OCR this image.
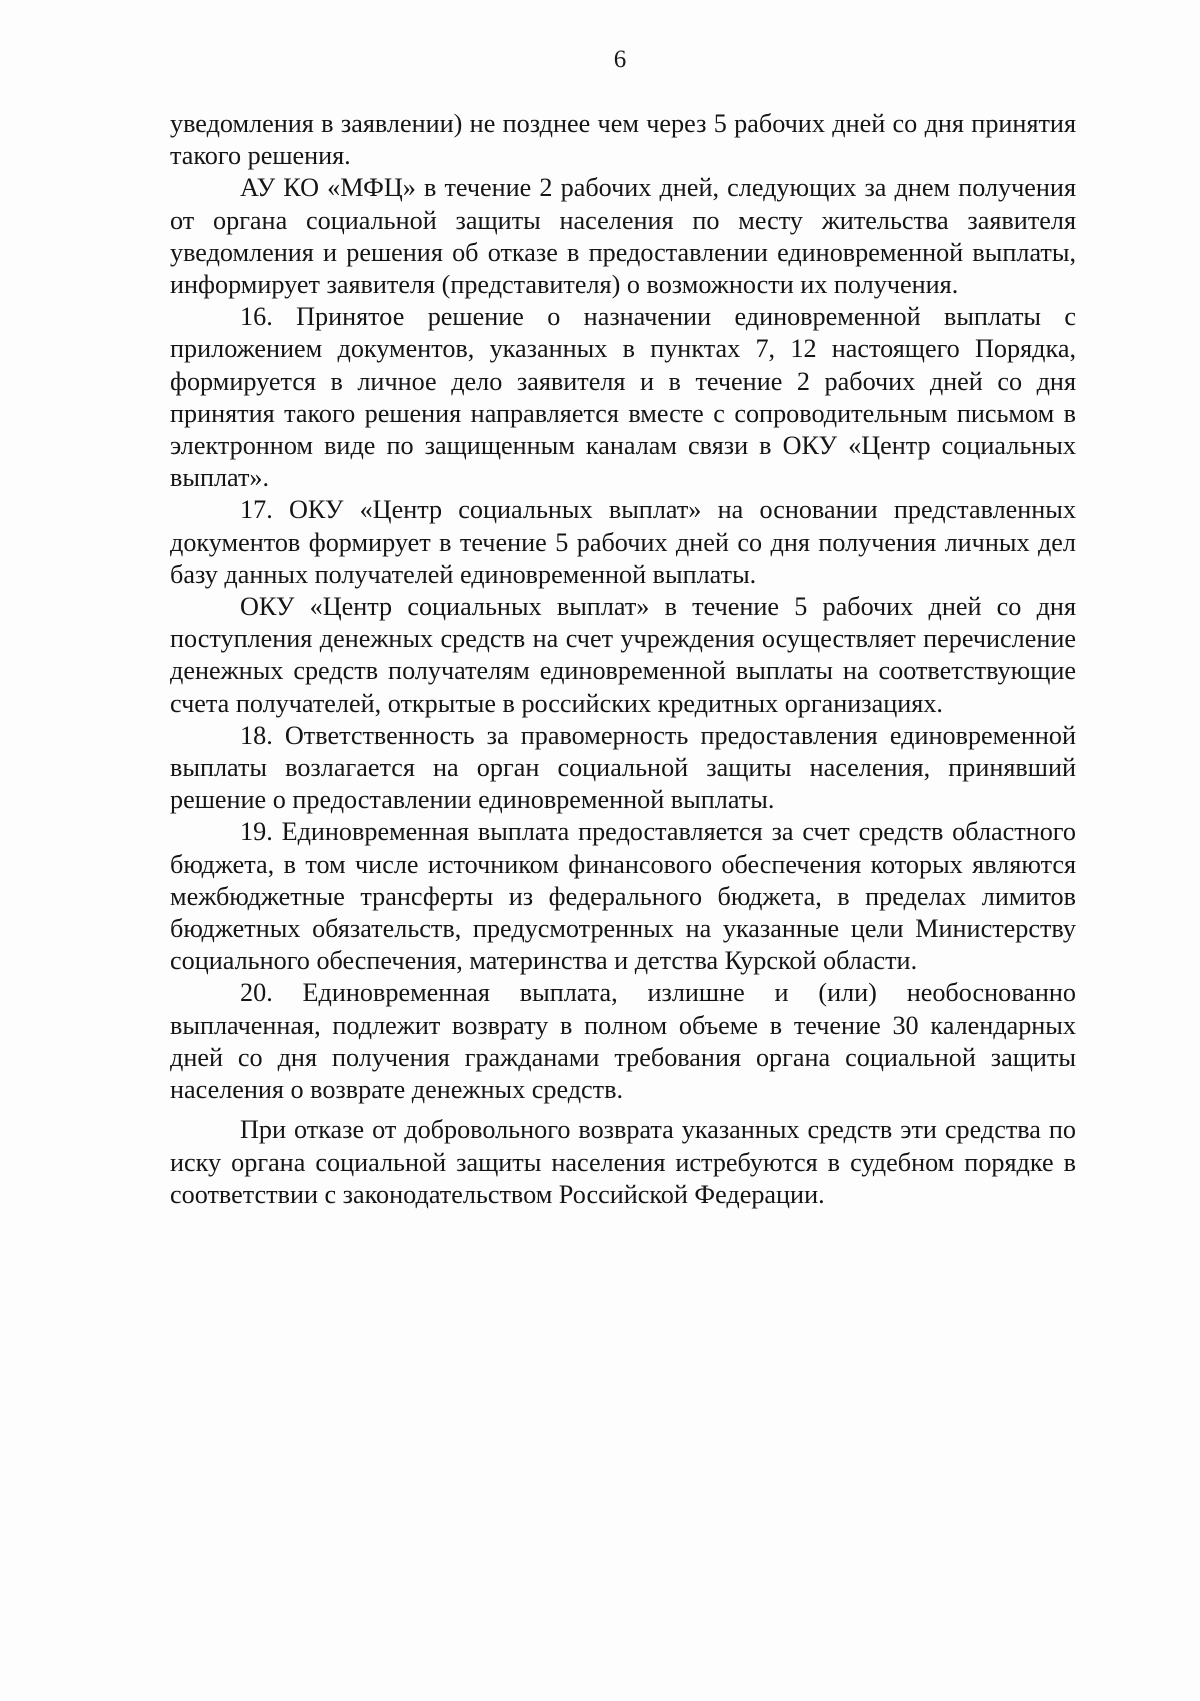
6

уведомления в заявлении) не позднее чем через 5 рабочих дней со дня принятия такого решения.

АУ КО «МФЦ» в течение 2 рабочих дней, следующих за днем получения от органа социальной защиты населения по месту жительства заявителя уведомления и решения об отказе в предоставлении единовременной выплаты, информирует заявителя (представителя) о возможности их получения.

16. Принятое решение о назначении единовременной выплаты с приложением документов, указанных в пунктах 7, 12 настоящего Порядка, формируется в личное дело заявителя и в течение 2 рабочих дней со дня принятия такого решения направляется вместе с сопроводительным письмом в электронном виде по защищенным каналам связи в ОКУ «Центр социальных выплат».

17. ОКУ «Центр социальных выплат» на основании представленных документов формирует в течение 5 рабочих дней со дня получения личных дел базу данных получателей единовременной выплаты.

ОКУ «Центр социальных выплат» в течение 5 рабочих дней со дня поступления денежных средств на счет учреждения осуществляет перечисление денежных средств получателям единовременной выплаты на соответствующие счета получателей, открытые в российских кредитных организациях.

18. Ответственность за правомерность предоставления единовременной выплаты возлагается на орган социальной защиты населения, принявший решение о предоставлении единовременной выплаты.

19. Единовременная выплата предоставляется за счет средств областного бюджета, в том числе источником финансового обеспечения которых являются межбюджетные трансферты из федерального бюджета, в пределах лимитов бюджетных обязательств, предусмотренных на указанные цели Министерству социального обеспечения, материнства и детства Курской области.

20. Единовременная выплата, излишне и (или) необоснованно выплаченная, подлежит возврату в полном объеме в течение 30 календарных дней со дня получения гражданами требования органа социальной защиты населения о возврате денежных средств.

При отказе от добровольного возврата указанных средств эти средства по иску органа социальной защиты населения истребуются в судебном порядке в соответствии с законодательством Российской Федерации.
